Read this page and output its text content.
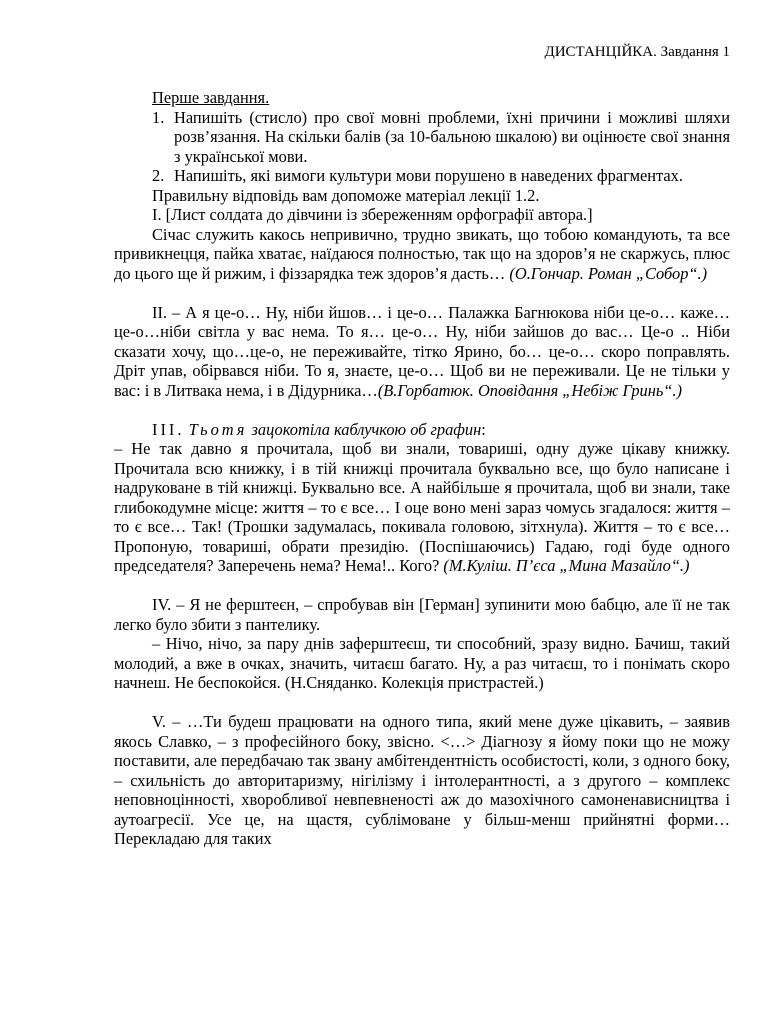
ДИСТАНЦІЙКА. Завдання 1

Перше завдання.

1. Напишіть (стисло) про свої мовні проблеми, їхні причини і можливі шляхи розв’язання. На скільки балів (за 10-бальною шкалою) ви оцінюєте свої знання з української мови.
2. Напишіть, які вимоги культури мови порушено в наведених фрагментах.

Правильну відповідь вам допоможе матеріал лекції 1.2.

I. [Лист солдата до дівчини із збереженням орфографії автора.]

Січас служить какось непривично, трудно звикать, що тобою командують, та все привикнецця, пайка хватає, наїдаюся полностью, так що на здоров’я не скаржусь, плюс до цього ще й рижим, і фіззарядка теж здоров’я дасть… (О.Гончар. Роман „Собор“.)

II. – А я це-о… Ну, ніби йшов… і це-о… Палажка Багнюкова ніби це-о… каже… це-о…ніби світла у вас нема. То я… це-о… Ну, ніби зайшов до вас… Це-о .. Ніби сказати хочу, що…це-о, не переживайте, тітко Ярино, бо… це-о… скоро поправлять. Дріт упав, обірвався ніби. То я, знаєте, це-о… Щоб ви не переживали. Це не тільки у вас: і в Литвака нема, і в Дідурника…(В.Горбатюк. Оповідання „Небіж Гринь“.)

III. Тьотя зацокотіла каблучкою об графин:

– Не так давно я прочитала, щоб ви знали, товариші, одну дуже цікаву книжку. Прочитала всю книжку, і в тій книжці прочитала буквально все, що було написане і надруковане в тій книжці. Буквально все. А найбільше я прочитала, щоб ви знали, таке глибокодумне місце: життя – то є все… І оце воно мені зараз чомусь згадалося: життя – то є все… Так! (Трошки задумалась, покивала головою, зітхнула). Життя – то є все… Пропоную, товариші, обрати президію. (Поспішаючись) Гадаю, годі буде одного председателя? Заперечень нема? Нема!.. Кого? (М.Куліш. П’єса „Мина Мазайло“.)

IV. – Я не ферштеєн, – спробував він [Герман] зупинити мою бабцю, але її не так легко було збити з пантелику.

– Нічо, нічо, за пару днів заферштеєш, ти способний, зразу видно. Бачиш, такий молодий, а вже в очках, значить, читаєш багато. Ну, а раз читаєш, то і понімать скоро начнеш. Не беспокойся. (Н.Сняданко. Колекція пристрастей.)

V. – …Ти будеш працювати на одного типа, який мене дуже цікавить, – заявив якось Славко, – з професійного боку, звісно. <…> Діагнозу я йому поки що не можу поставити, але передбачаю так звану амбітендентність особистості, коли, з одного боку, – схильність до авторитаризму, нігілізму і інтолерантності, а з другого – комплекс неповноцінності, хворобливої невпевненості аж до мазохічного самоненависництва і аутоагресії. Усе це, на щастя, сублімоване у більш-менш прийнятні форми… Перекладаю для таких
